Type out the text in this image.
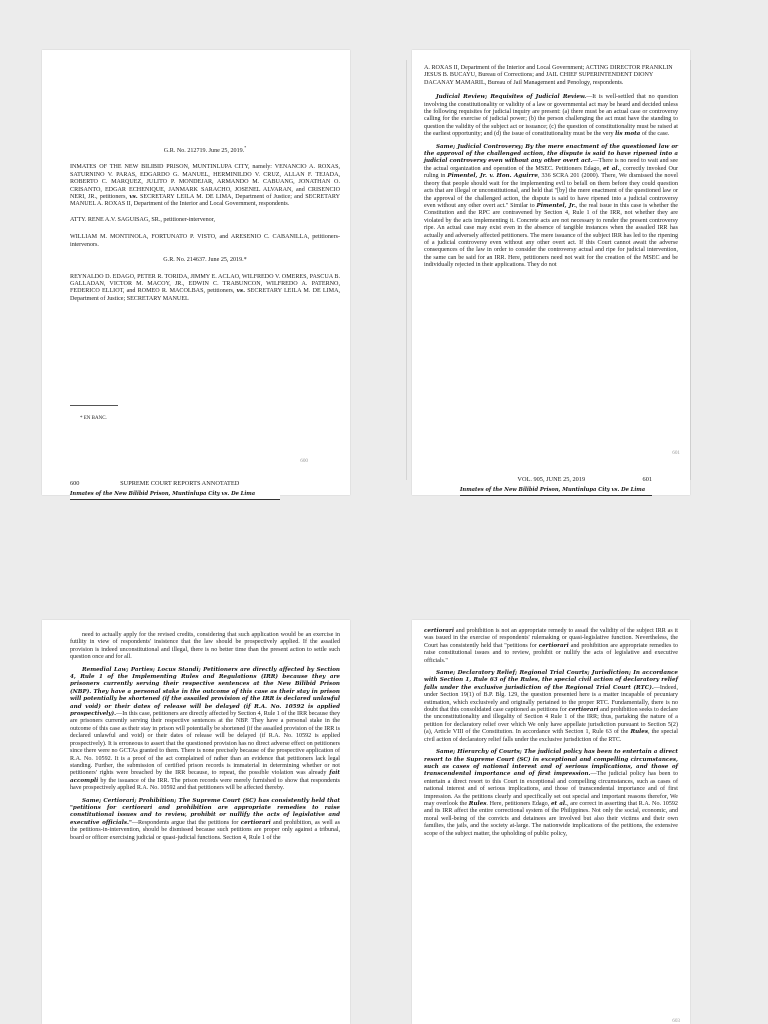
G.R. No. 212719. June 25, 2019.*

INMATES OF THE NEW BILIBID PRISON, MUNTINLUPA CITY, namely: VENANCIO A. ROXAS, SATURNINO V. PARAS, EDGARDO G. MANUEL, HERMINILDO V. CRUZ, ALLAN F. TEJADA, ROBERTO C. MARQUEZ, JULITO P. MONDEJAR, ARMANDO M. CABUANG, JONATHAN O. CRISANTO, EDGAR ECHENIQUE, JANMARK SARACHO, JOSENEL ALVARAN, and CRISENCIO NERI, JR., petitioners, vs. SECRETARY LEILA M. DE LIMA, Department of Justice; and SECRETARY MANUEL A. ROXAS II, Department of the Interior and Local Government, respondents.

ATTY. RENE A.V. SAGUISAG, SR., petitioner-intervenor,

WILLIAM M. MONTINOLA, FORTUNATO P. VISTO, and ARESENIO C. CABANILLA, petitioners-intervenors.

G.R. No. 214637. June 25, 2019.*

REYNALDO D. EDAGO, PETER R. TORIDA, JIMMY E. ACLAO, WILFREDO V. OMERES, PASCUA B. GALLADAN, VICTOR M. MACOY, JR., EDWIN C. TRABUNCON, WILFREDO A. PATERNO, FEDERICO ELLIOT, and ROMEO R. MACOLBAS, petitioners, vs. SECRETARY LEILA M. DE LIMA, Department of Justice; SECRETARY MANUEL

* EN BANC.
600
600	SUPREME COURT REPORTS ANNOTATED
Inmates of the New Bilibid Prison, Muntinlupa City vs. De Lima

A. ROXAS II, Department of the Interior and Local Government; ACTING DIRECTOR FRANKLIN JESUS B. BUCAYU, Bureau of Corrections; and JAIL CHIEF SUPERINTENDENT DIONY DACANAY MAMARIL, Bureau of Jail Management and Penology, respondents.

Judicial Review; Requisites of Judicial Review.—It is well-settled that no question involving the constitutionality or validity of a law or governmental act may be heard and decided unless the following requisites for judicial inquiry are present: (a) there must be an actual case or controversy calling for the exercise of judicial power; (b) the person challenging the act must have the standing to question the validity of the subject act or issuance; (c) the question of constitutionality must be raised at the earliest opportunity; and (d) the issue of constitutionality must be the very lis mota of the case.

Same; Judicial Controversy; By the mere enactment of the questioned law or the approval of the challenged action, the dispute is said to have ripened into a judicial controversy even without any other overt act.—There is no need to wait and see the actual organization and operation of the MSEC. Petitioners Edago, et al., correctly invoked Our ruling in Pimentel, Jr. v. Hon. Aguirre, 336 SCRA 201 (2000). There, We dismissed the novel theory that people should wait for the implementing evil to befall on them before they could question acts that are illegal or unconstitutional, and held that "[by] the mere enactment of the questioned law or the approval of the challenged action, the dispute is said to have ripened into a judicial controversy even without any other overt act." Similar to Pimentel, Jr., the real issue in this case is whether the Constitution and the RPC are contravened by Section 4, Rule 1 of the IRR, not whether they are violated by the acts implementing it. Concrete acts are not necessary to render the present controversy ripe. An actual case may exist even in the absence of tangible instances when the assailed IRR has actually and adversely affected petitioners. The mere issuance of the subject IRR has led to the ripening of a judicial controversy even without any other overt act. If this Court cannot await the adverse consequences of the law in order to consider the controversy actual and ripe for judicial intervention, the same can be said for an IRR. Here, petitioners need not wait for the creation of the MSEC and be individually rejected in their applications. They do not

601
VOL. 905, JUNE 25, 2019	601
Inmates of the New Bilibid Prison, Muntinlupa City vs. De Lima

need to actually apply for the revised credits, considering that such application would be an exercise in futility in view of respondents' insistence that the law should be prospectively applied. If the assailed provision is indeed unconstitutional and illegal, there is no better time than the present action to settle such question once and for all.

Remedial Law; Parties; Locus Standi; Petitioners are directly affected by Section 4, Rule 1 of the Implementing Rules and Regulations (IRR) because they are prisoners currently serving their respective sentences at the New Bilibid Prison (NBP). They have a personal stake in the outcome of this case as their stay in prison will potentially be shortened (if the assailed provision of the IRR is declared unlawful and void) or their dates of release will be delayed (if R.A. No. 10592 is applied prospectively).—In this case, petitioners are directly affected by Section 4, Rule 1 of the IRR because they are prisoners currently serving their respective sentences at the NBP. They have a personal stake in the outcome of this case as their stay in prison will potentially be shortened (if the assailed provision of the IRR is declared unlawful and void) or their dates of release will be delayed (if R.A. No. 10592 is applied prospectively). It is erroneous to assert that the questioned provision has no direct adverse effect on petitioners since there were no GCTAs granted to them. There is none precisely because of the prospective application of R.A. No. 10592. It is a proof of the act complained of rather than an evidence that petitioners lack legal standing. Further, the submission of certified prison records is immaterial in determining whether or not petitioners' rights were breached by the IRR because, to repeat, the possible violation was already fait accompli by the issuance of the IRR. The prison records were merely furnished to show that respondents have prospectively applied R.A. No. 10592 and that petitioners will be affected thereby.

Same; Certiorari; Prohibition; The Supreme Court (SC) has consistently held that "petitions for certiorari and prohibition are appropriate remedies to raise constitutional issues and to review, prohibit or nullify the acts of legislative and executive officials."—Respondents argue that the petitions for certiorari and prohibition, as well as the petitions-in-intervention, should be dismissed because such petitions are proper only against a tribunal, board or officer exercising judicial or quasi-judicial functions. Section 4, Rule 1 of the

certiorari and prohibition is not an appropriate remedy to assail the validity of the subject IRR as it was issued in the exercise of respondents' rulemaking or quasi-legislative function. Nevertheless, the Court has consistently held that "petitions for certiorari and prohibition are appropriate remedies to raise constitutional issues and to review, prohibit or nullify the acts of legislative and executive officials."

Same; Declaratory Relief; Regional Trial Courts; Jurisdiction; In accordance with Section 1, Rule 63 of the Rules, the special civil action of declaratory relief falls under the exclusive jurisdiction of the Regional Trial Court (RTC).—Indeed, under Section 19(1) of B.P. Blg. 129, the question presented here is a matter incapable of pecuniary estimation, which exclusively and originally pertained to the proper RTC. Fundamentally, there is no doubt that this consolidated case captioned as petitions for certiorari and prohibition seeks to declare the unconstitutionality and illegality of Section 4 Rule 1 of the IRR; thus, partaking the nature of a petition for declaratory relief over which We only have appellate jurisdiction pursuant to Section 5(2)(a), Article VIII of the Constitution. In accordance with Section 1, Rule 63 of the Rules, the special civil action of declaratory relief falls under the exclusive jurisdiction of the RTC.

Same; Hierarchy of Courts; The judicial policy has been to entertain a direct resort to the Supreme Court (SC) in exceptional and compelling circumstances, such as cases of national interest and of serious implications, and those of transcendental importance and of first impression.—The judicial policy has been to entertain a direct resort to this Court in exceptional and compelling circumstances, such as cases of national interest and of serious implications, and those of transcendental importance and of first impression. As the petitions clearly and specifically set out special and important reasons therefor, We may overlook the Rules. Here, petitioners Edago, et al., are correct in asserting that R.A. No. 10592 and its IRR affect the entire correctional system of the Philippines. Not only the social, economic, and moral well-being of the convicts and detainees are involved but also their victims and their own families, the jails, and the society at-large. The nationwide implications of the petitions, the extensive scope of the subject matter, the upholding of public policy,

603
